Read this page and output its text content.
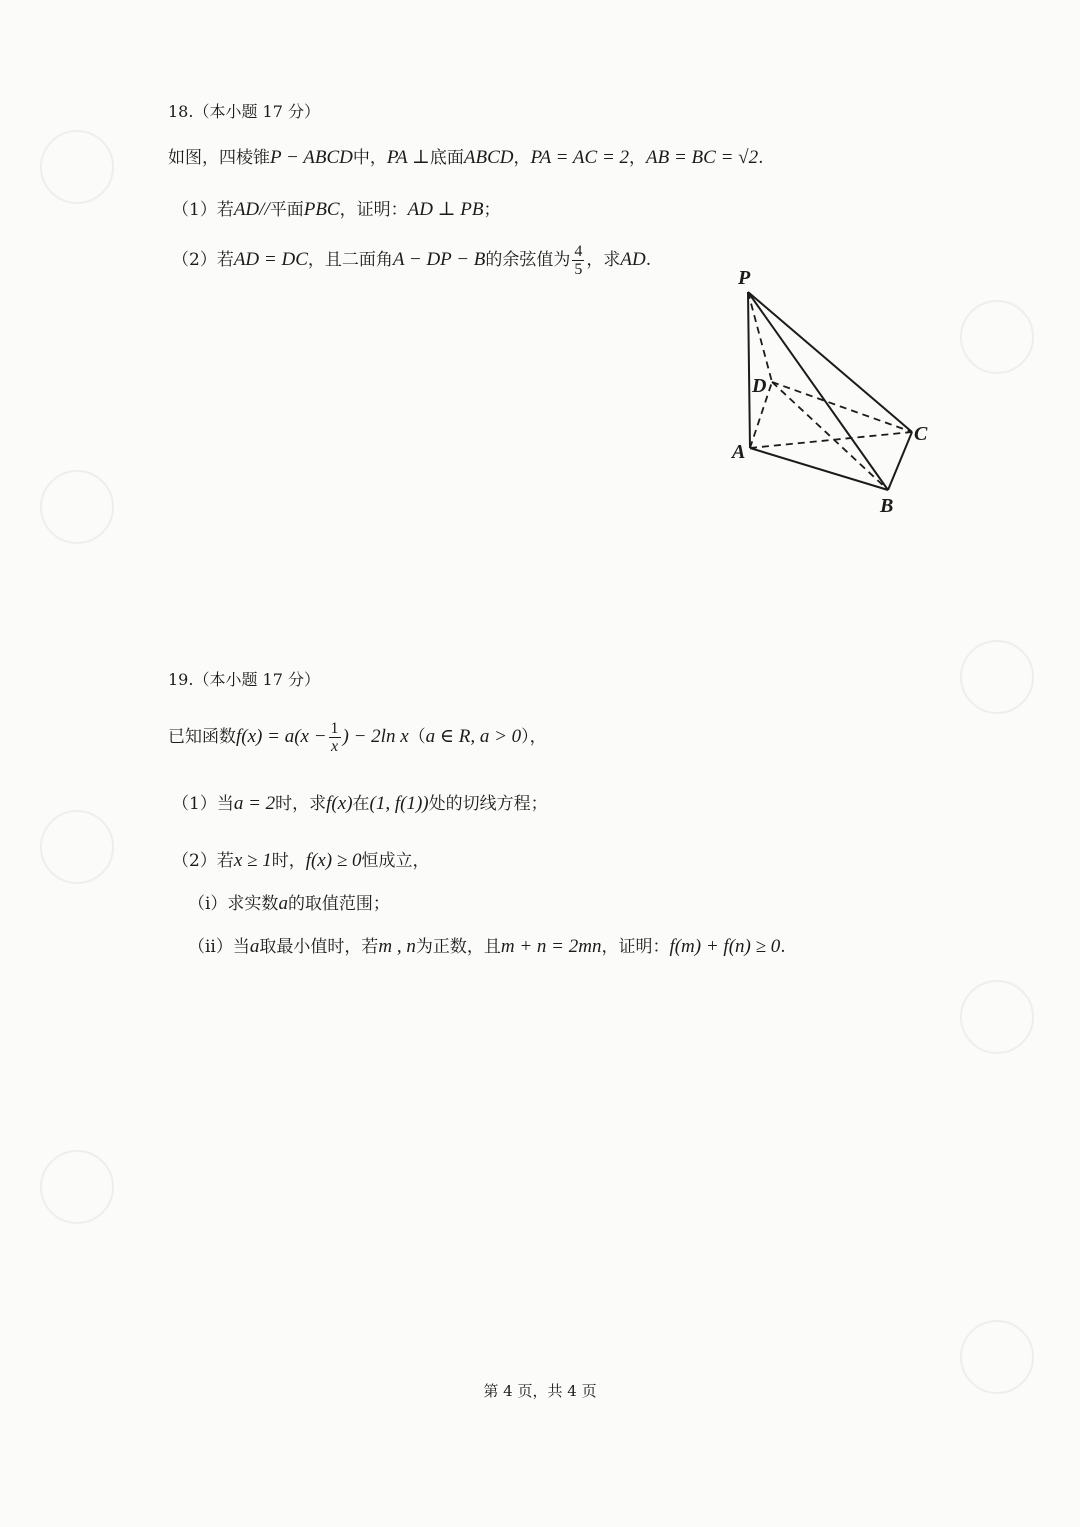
18.（本小题 17 分）
如图，四棱锥P − ABCD中，PA ⊥底面ABCD，PA = AC = 2，AB = BC = √2.
（1）若AD//平面PBC，证明：AD ⊥ PB；
（2）若AD = DC，且二面角A − DP − B的余弦值为 $\frac{4}{5}$ ，求AD.
P
D
A
C
B
19.（本小题 17 分）
已知函数$f(x) = a(x - \frac{1}{x}$ ) − 2ln x（a ∈ R, a > 0），
（1）当a = 2时，求f(x)在(1, f(1))处的切线方程；
（2）若x ≥ 1时，f(x) ≥ 0恒成立，
（i）求实数a的取值范围；
（ii）当a取最小值时，若m , n为正数，且m + n = 2mn，证明：f(m) + f(n) ≥ 0.
第 4 页，共 4 页
